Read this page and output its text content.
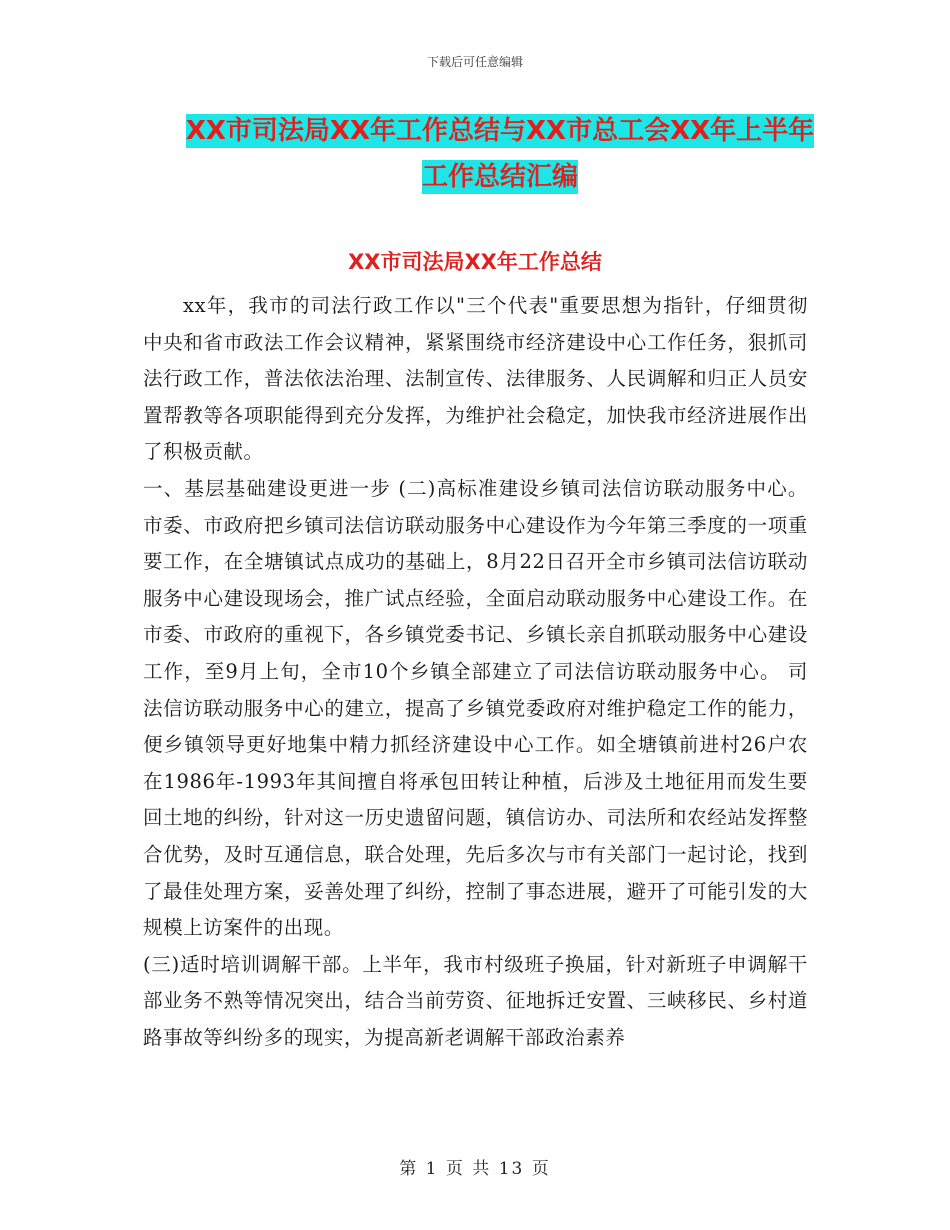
下载后可任意编辑
XX市司法局XX年工作总结与XX市总工会XX年上半年
工作总结汇编
XX市司法局XX年工作总结

xx年，我市的司法行政工作以"三个代表"重要思想为指针，仔细贯彻中央和省市政法工作会议精神，紧紧围绕市经济建设中心工作任务，狠抓司法行政工作，普法依法治理、法制宣传、法律服务、人民调解和归正人员安置帮教等各项职能得到充分发挥，为维护社会稳定，加快我市经济进展作出了积极贡献。

一、基层基础建设更进一步 (二)高标准建设乡镇司法信访联动服务中心。市委、市政府把乡镇司法信访联动服务中心建设作为今年第三季度的一项重要工作，在全塘镇试点成功的基础上，8月22日召开全市乡镇司法信访联动服务中心建设现场会，推广试点经验，全面启动联动服务中心建设工作。在市委、市政府的重视下，各乡镇党委书记、乡镇长亲自抓联动服务中心建设工作，至9月上旬，全市10个乡镇全部建立了司法信访联动服务中心。 司法信访联动服务中心的建立，提高了乡镇党委政府对维护稳定工作的能力，便乡镇领导更好地集中精力抓经济建设中心工作。如全塘镇前进村26户农在1986年-1993年其间擅自将承包田转让种植，后涉及土地征用而发生要回土地的纠纷，针对这一历史遗留问题，镇信访办、司法所和农经站发挥整合优势，及时互通信息，联合处理，先后多次与市有关部门一起讨论，找到了最佳处理方案，妥善处理了纠纷，控制了事态进展，避开了可能引发的大规模上访案件的出现。

(三)适时培训调解干部。上半年，我市村级班子换届，针对新班子申调解干部业务不熟等情况突出，结合当前劳资、征地拆迁安置、三峡移民、乡村道路事故等纠纷多的现实，为提高新老调解干部政治素养

第 1 页 共 13 页
